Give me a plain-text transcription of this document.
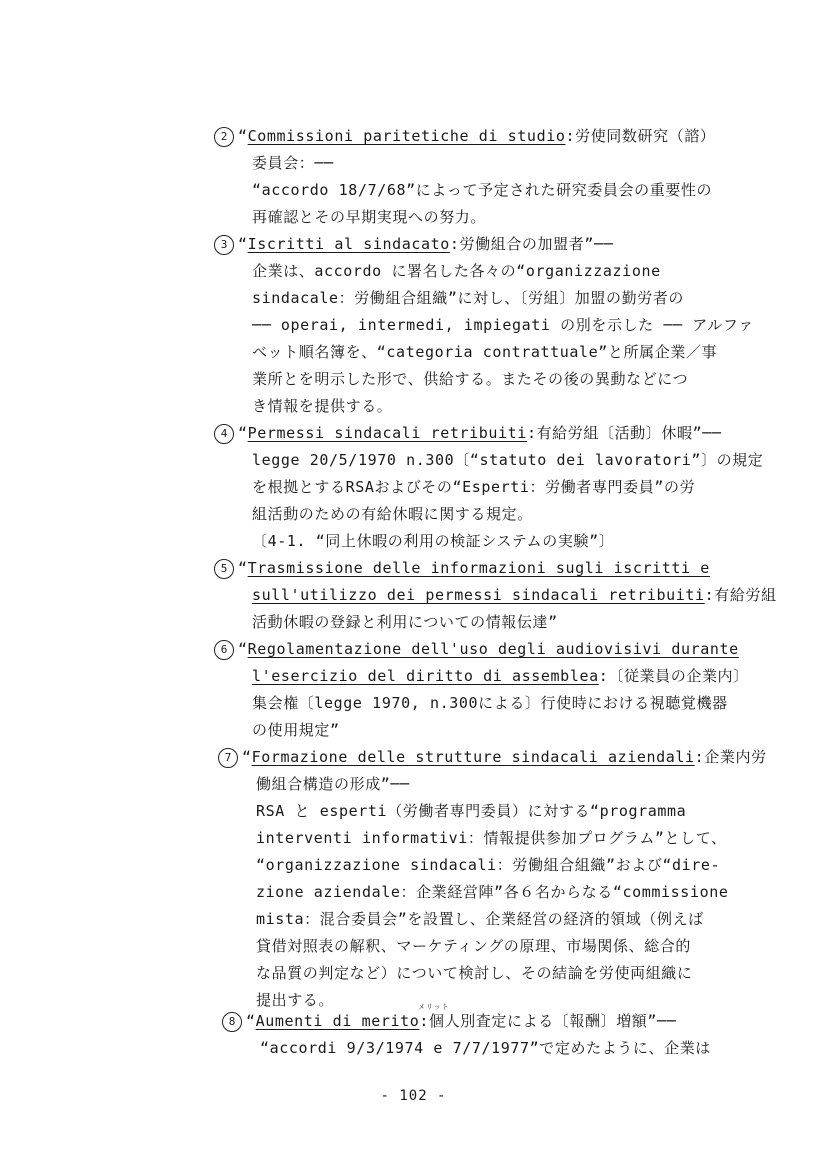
2 “Commissioni paritetiche di studio:労使同数研究（諮）
委員会：──
“accordo 18/7/68”によって予定された研究委員会の重要性の
再確認とその早期実現への努力。
3 “Iscritti al sindacato:労働組合の加盟者”──
企業は、accordo に署名した各々の“organizzazione
sindacale：労働組合組織”に対し、〔労組〕加盟の勤労者の
── operai, intermedi, impiegati の別を示した ── アルファ
ベット順名簿を、“categoria contrattuale”と所属企業／事
業所とを明示した形で、供給する。またその後の異動などにつ
き情報を提供する。
4 “Permessi sindacali retribuiti:有給労組〔活動〕休暇”──
legge 20/5/1970 n.300〔“statuto dei lavoratori”〕の規定
を根拠とするRSAおよびその“Esperti：労働者専門委員”の労
組活動のための有給休暇に関する規定。
〔4-1. “同上休暇の利用の検証システムの実験”〕
5 “Trasmissione delle informazioni sugli iscritti e
sull'utilizzo dei permessi sindacali retribuiti:有給労組
活動休暇の登録と利用についての情報伝達”
6 “Regolamentazione dell'uso degli audiovisivi durante
l'esercizio del diritto di assemblea:〔従業員の企業内〕
集会権〔legge 1970, n.300による〕行使時における視聴覚機器
の使用規定”
7 “Formazione delle strutture sindacali aziendali:企業内労
働組合構造の形成”──
RSA と esperti（労働者専門委員）に対する“programma
interventi informativi：情報提供参加プログラム”として、
“organizzazione sindacali：労働組合組織”および“dire-
zione aziendale：企業経営陣”各６名からなる“commissione
mista：混合委員会”を設置し、企業経営の経済的領域（例えば
貸借対照表の解釈、マーケティングの原理、市場関係、総合的
な品質の判定など）について検討し、その結論を労使両組織に
提出する。	メリット
8 “Aumenti di merito:個人別査定による〔報酬〕増額”──
“accordi 9/3/1974 e 7/7/1977”で定めたように、企業は
- 102 -
